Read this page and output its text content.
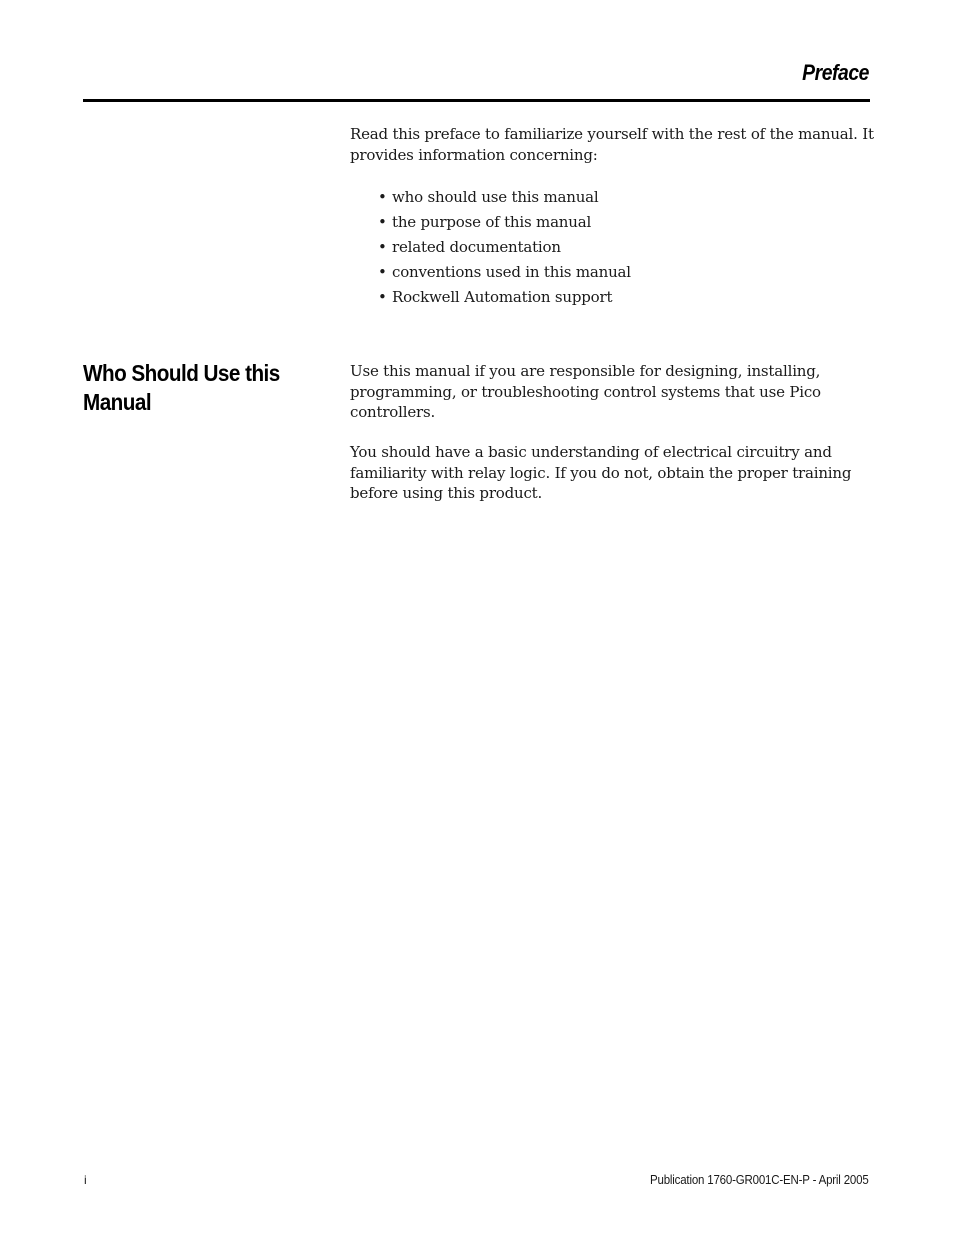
Preface

Read this preface to familiarize yourself with the rest of the manual. It provides information concerning:

• who should use this manual
• the purpose of this manual
• related documentation
• conventions used in this manual
• Rockwell Automation support
Who Should Use this Manual

Use this manual if you are responsible for designing, installing, programming, or troubleshooting control systems that use Pico controllers.

You should have a basic understanding of electrical circuitry and familiarity with relay logic. If you do not, obtain the proper training before using this product.

i	Publication 1760-GR001C-EN-P - April 2005
